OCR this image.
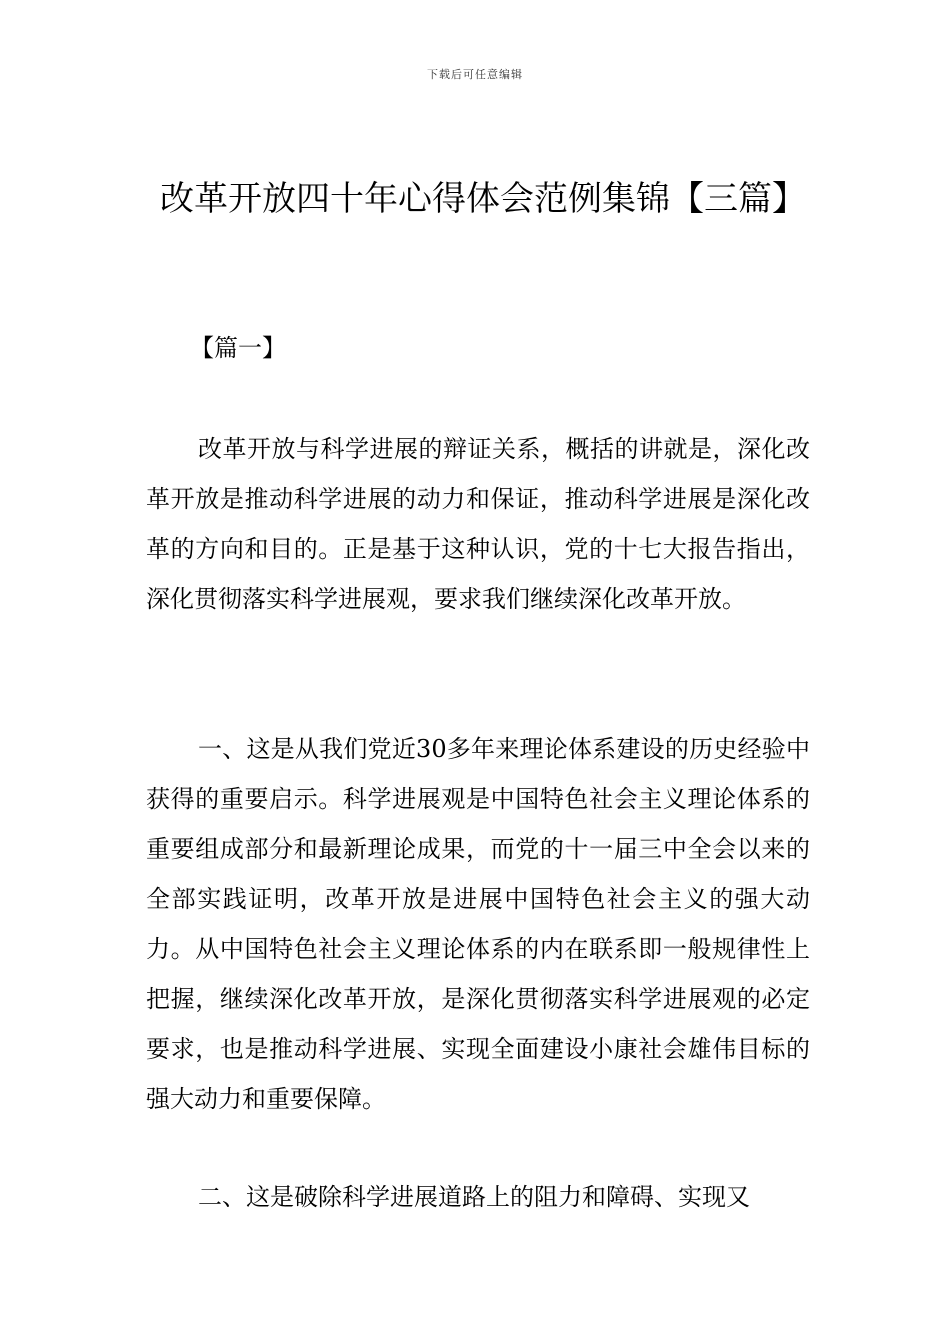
下载后可任意编辑
改革开放四十年心得体会范例集锦【三篇】

【篇一】

改革开放与科学进展的辩证关系，概括的讲就是，深化改革开放是推动科学进展的动力和保证，推动科学进展是深化改革的方向和目的。正是基于这种认识，党的十七大报告指出，深化贯彻落实科学进展观，要求我们继续深化改革开放。

一、这是从我们党近30多年来理论体系建设的历史经验中获得的重要启示。科学进展观是中国特色社会主义理论体系的重要组成部分和最新理论成果，而党的十一届三中全会以来的全部实践证明，改革开放是进展中国特色社会主义的强大动力。从中国特色社会主义理论体系的内在联系即一般规律性上把握，继续深化改革开放，是深化贯彻落实科学进展观的必定要求，也是推动科学进展、实现全面建设小康社会雄伟目标的强大动力和重要保障。

二、这是破除科学进展道路上的阻力和障碍、实现又
